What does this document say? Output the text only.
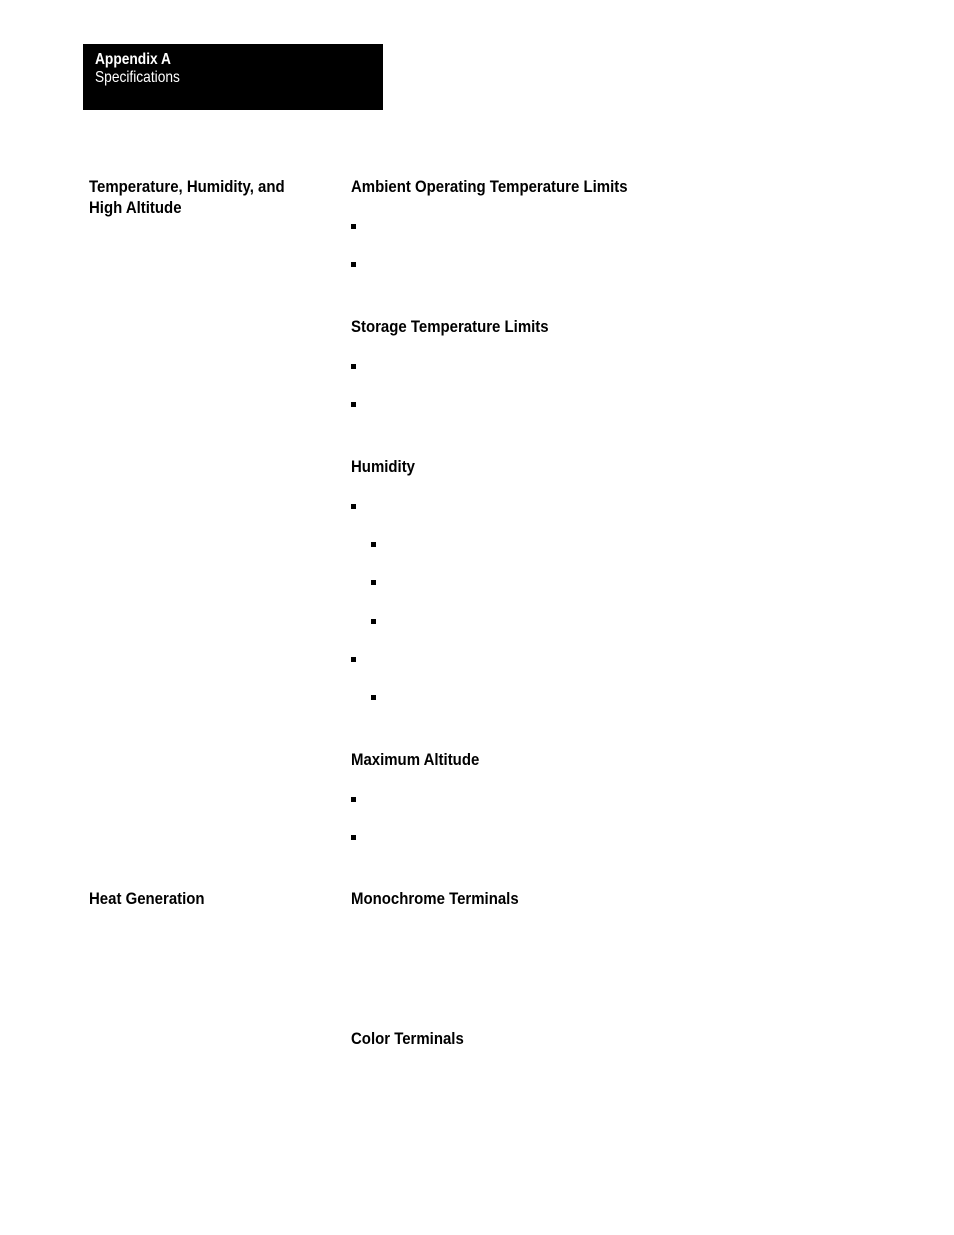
Appendix A
Specifications
Temperature, Humidity, and High Altitude
Ambient Operating Temperature Limits
Storage Temperature Limits
Humidity
Maximum Altitude
Heat Generation	Monochrome Terminals
Color Terminals
